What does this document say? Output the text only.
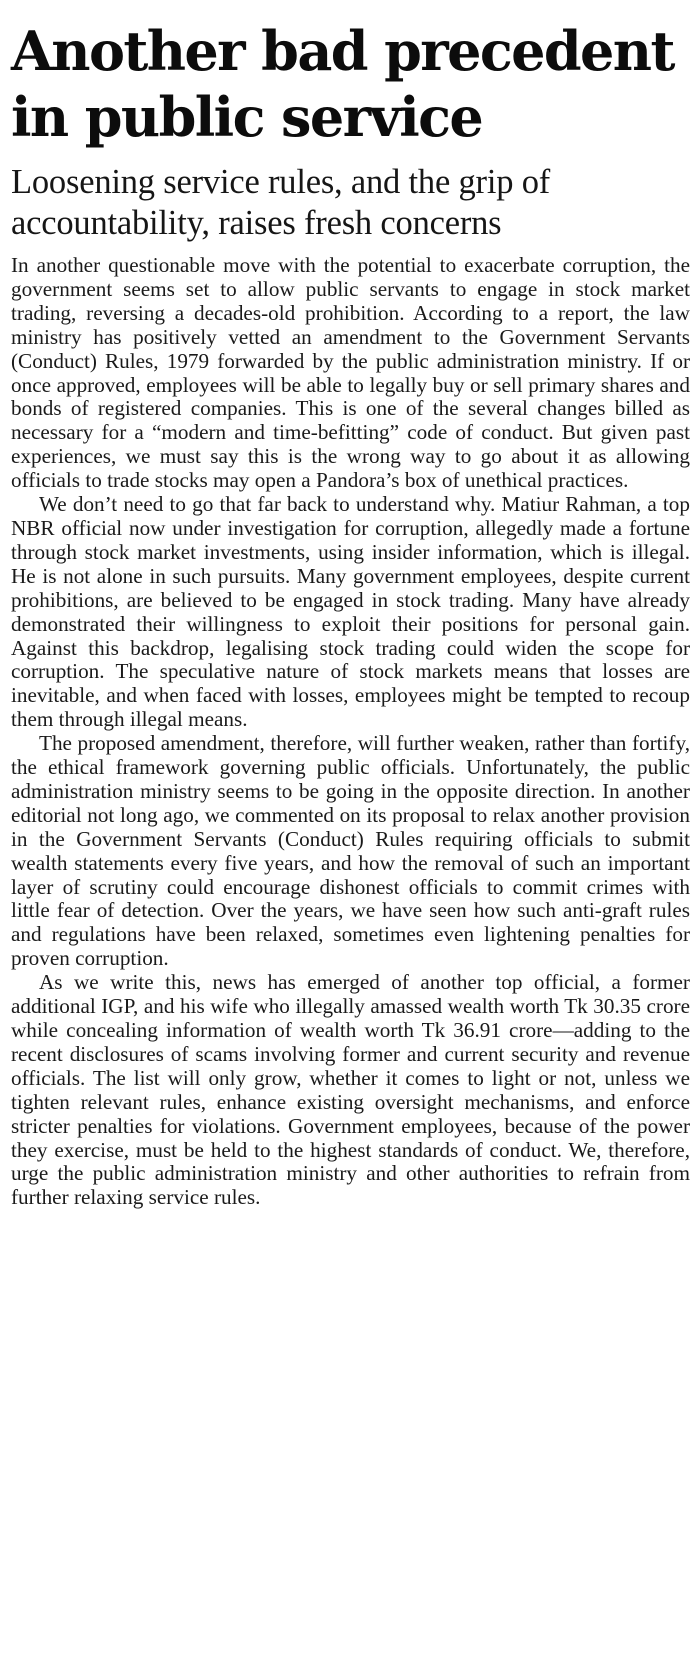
Another bad precedent in public service
Loosening service rules, and the grip of accountability, raises fresh concerns

In another questionable move with the potential to exacerbate corruption, the government seems set to allow public servants to engage in stock market trading, reversing a decades-old prohibition. According to a report, the law ministry has positively vetted an amendment to the Government Servants (Conduct) Rules, 1979 forwarded by the public administration ministry. If or once approved, employees will be able to legally buy or sell primary shares and bonds of registered companies. This is one of the several changes billed as necessary for a “modern and time-befitting” code of conduct. But given past experiences, we must say this is the wrong way to go about it as allowing officials to trade stocks may open a Pandora’s box of unethical practices.

We don’t need to go that far back to understand why. Matiur Rahman, a top NBR official now under investigation for corruption, allegedly made a fortune through stock market investments, using insider information, which is illegal. He is not alone in such pursuits. Many government employees, despite current prohibitions, are believed to be engaged in stock trading. Many have already demonstrated their willingness to exploit their positions for personal gain. Against this backdrop, legalising stock trading could widen the scope for corruption. The speculative nature of stock markets means that losses are inevitable, and when faced with losses, employees might be tempted to recoup them through illegal means.

The proposed amendment, therefore, will further weaken, rather than fortify, the ethical framework governing public officials. Unfortunately, the public administration ministry seems to be going in the opposite direction. In another editorial not long ago, we commented on its proposal to relax another provision in the Government Servants (Conduct) Rules requiring officials to submit wealth statements every five years, and how the removal of such an important layer of scrutiny could encourage dishonest officials to commit crimes with little fear of detection. Over the years, we have seen how such anti-graft rules and regulations have been relaxed, sometimes even lightening penalties for proven corruption.

As we write this, news has emerged of another top official, a former additional IGP, and his wife who illegally amassed wealth worth Tk 30.35 crore while concealing information of wealth worth Tk 36.91 crore—adding to the recent disclosures of scams involving former and current security and revenue officials. The list will only grow, whether it comes to light or not, unless we tighten relevant rules, enhance existing oversight mechanisms, and enforce stricter penalties for violations. Government employees, because of the power they exercise, must be held to the highest standards of conduct. We, therefore, urge the public administration ministry and other authorities to refrain from further relaxing service rules.
